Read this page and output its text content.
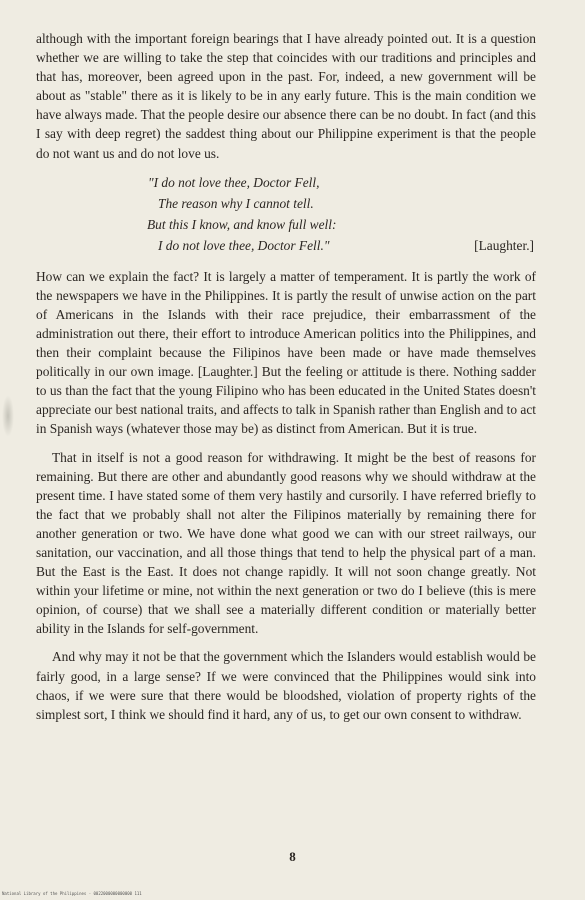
although with the important foreign bearings that I have already pointed out. It is a question whether we are willing to take the step that coincides with our traditions and principles and that has, moreover, been agreed upon in the past. For, indeed, a new government will be about as "stable" there as it is likely to be in any early future. This is the main condition we have always made. That the people desire our absence there can be no doubt. In fact (and this I say with deep regret) the saddest thing about our Philippine experiment is that the people do not want us and do not love us.

"I do not love thee, Doctor Fell,
The reason why I cannot tell.
But this I know, and know full well:
I do not love thee, Doctor Fell."	[Laughter.]

How can we explain the fact? It is largely a matter of temperament. It is partly the work of the newspapers we have in the Philippines. It is partly the result of unwise action on the part of Americans in the Islands with their race prejudice, their embarrassment of the administration out there, their effort to introduce American politics into the Philippines, and then their complaint because the Filipinos have been made or have made themselves politically in our own image. [Laughter.] But the feeling or attitude is there. Nothing sadder to us than the fact that the young Filipino who has been educated in the United States doesn't appreciate our best national traits, and affects to talk in Spanish rather than English and to act in Spanish ways (whatever those may be) as distinct from American. But it is true.

That in itself is not a good reason for withdrawing. It might be the best of reasons for remaining. But there are other and abundantly good reasons why we should withdraw at the present time. I have stated some of them very hastily and cursorily. I have referred briefly to the fact that we probably shall not alter the Filipinos materially by remaining there for another generation or two. We have done what good we can with our street railways, our sanitation, our vaccination, and all those things that tend to help the physical part of a man. But the East is the East. It does not change rapidly. It will not soon change greatly. Not within your lifetime or mine, not within the next generation or two do I believe (this is mere opinion, of course) that we shall see a materially different condition or materially better ability in the Islands for self-government.

And why may it not be that the government which the Islanders would establish would be fairly good, in a large sense? If we were convinced that the Philippines would sink into chaos, if we were sure that there would be bloodshed, violation of property rights of the simplest sort, I think we should find it hard, any of us, to get our own consent to withdraw.

8
National Library of the Philippines · 0022000000000000 111
